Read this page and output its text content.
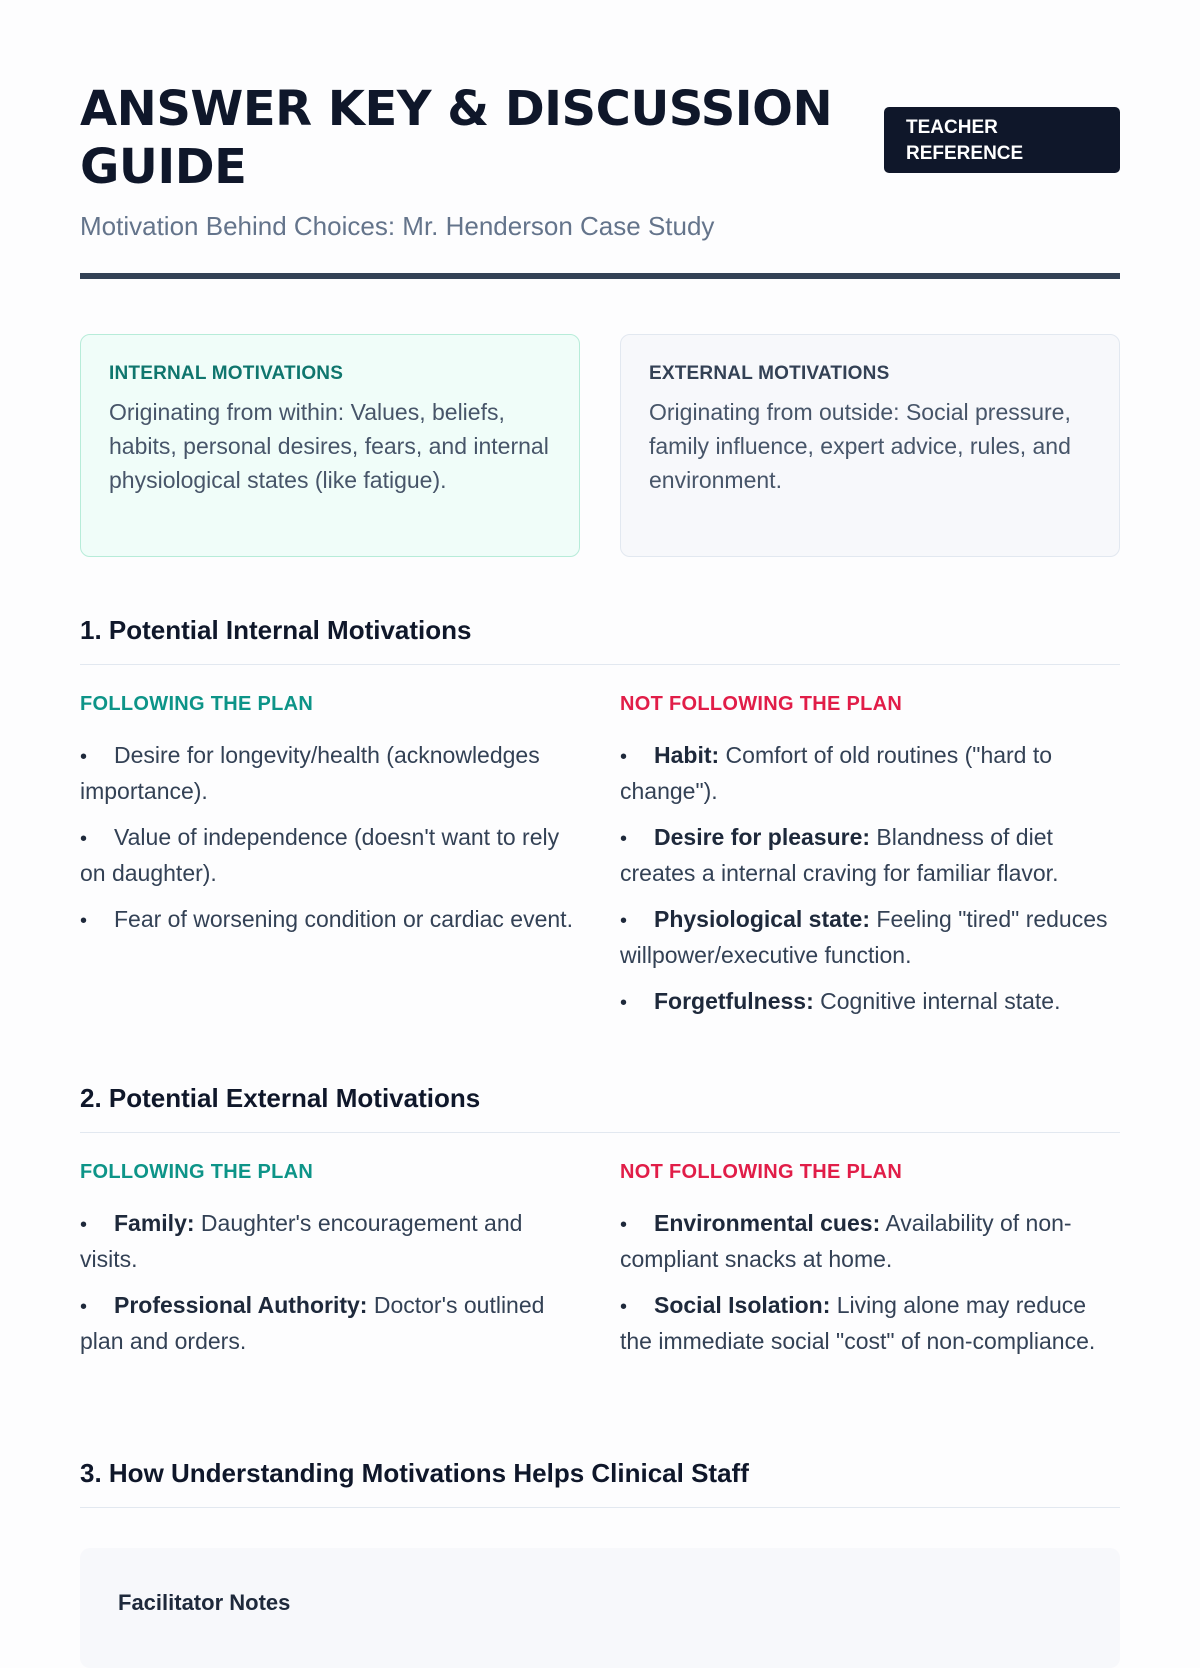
ANSWER KEY & DISCUSSION GUIDE
TEACHER REFERENCE
Motivation Behind Choices: Mr. Henderson Case Study
INTERNAL MOTIVATIONS
Originating from within: Values, beliefs, habits, personal desires, fears, and internal physiological states (like fatigue).
EXTERNAL MOTIVATIONS
Originating from outside: Social pressure, family influence, expert advice, rules, and environment.
1. Potential Internal Motivations
FOLLOWING THE PLAN
• Desire for longevity/health (acknowledges importance).
• Value of independence (doesn't want to rely on daughter).
• Fear of worsening condition or cardiac event.
NOT FOLLOWING THE PLAN
• Habit: Comfort of old routines ("hard to change").
• Desire for pleasure: Blandness of diet creates a internal craving for familiar flavor.
• Physiological state: Feeling "tired" reduces willpower/executive function.
• Forgetfulness: Cognitive internal state.
2. Potential External Motivations
FOLLOWING THE PLAN
• Family: Daughter's encouragement and visits.
• Professional Authority: Doctor's outlined plan and orders.
NOT FOLLOWING THE PLAN
• Environmental cues: Availability of non-compliant snacks at home.
• Social Isolation: Living alone may reduce the immediate social "cost" of non-compliance.
3. How Understanding Motivations Helps Clinical Staff
Facilitator Notes
